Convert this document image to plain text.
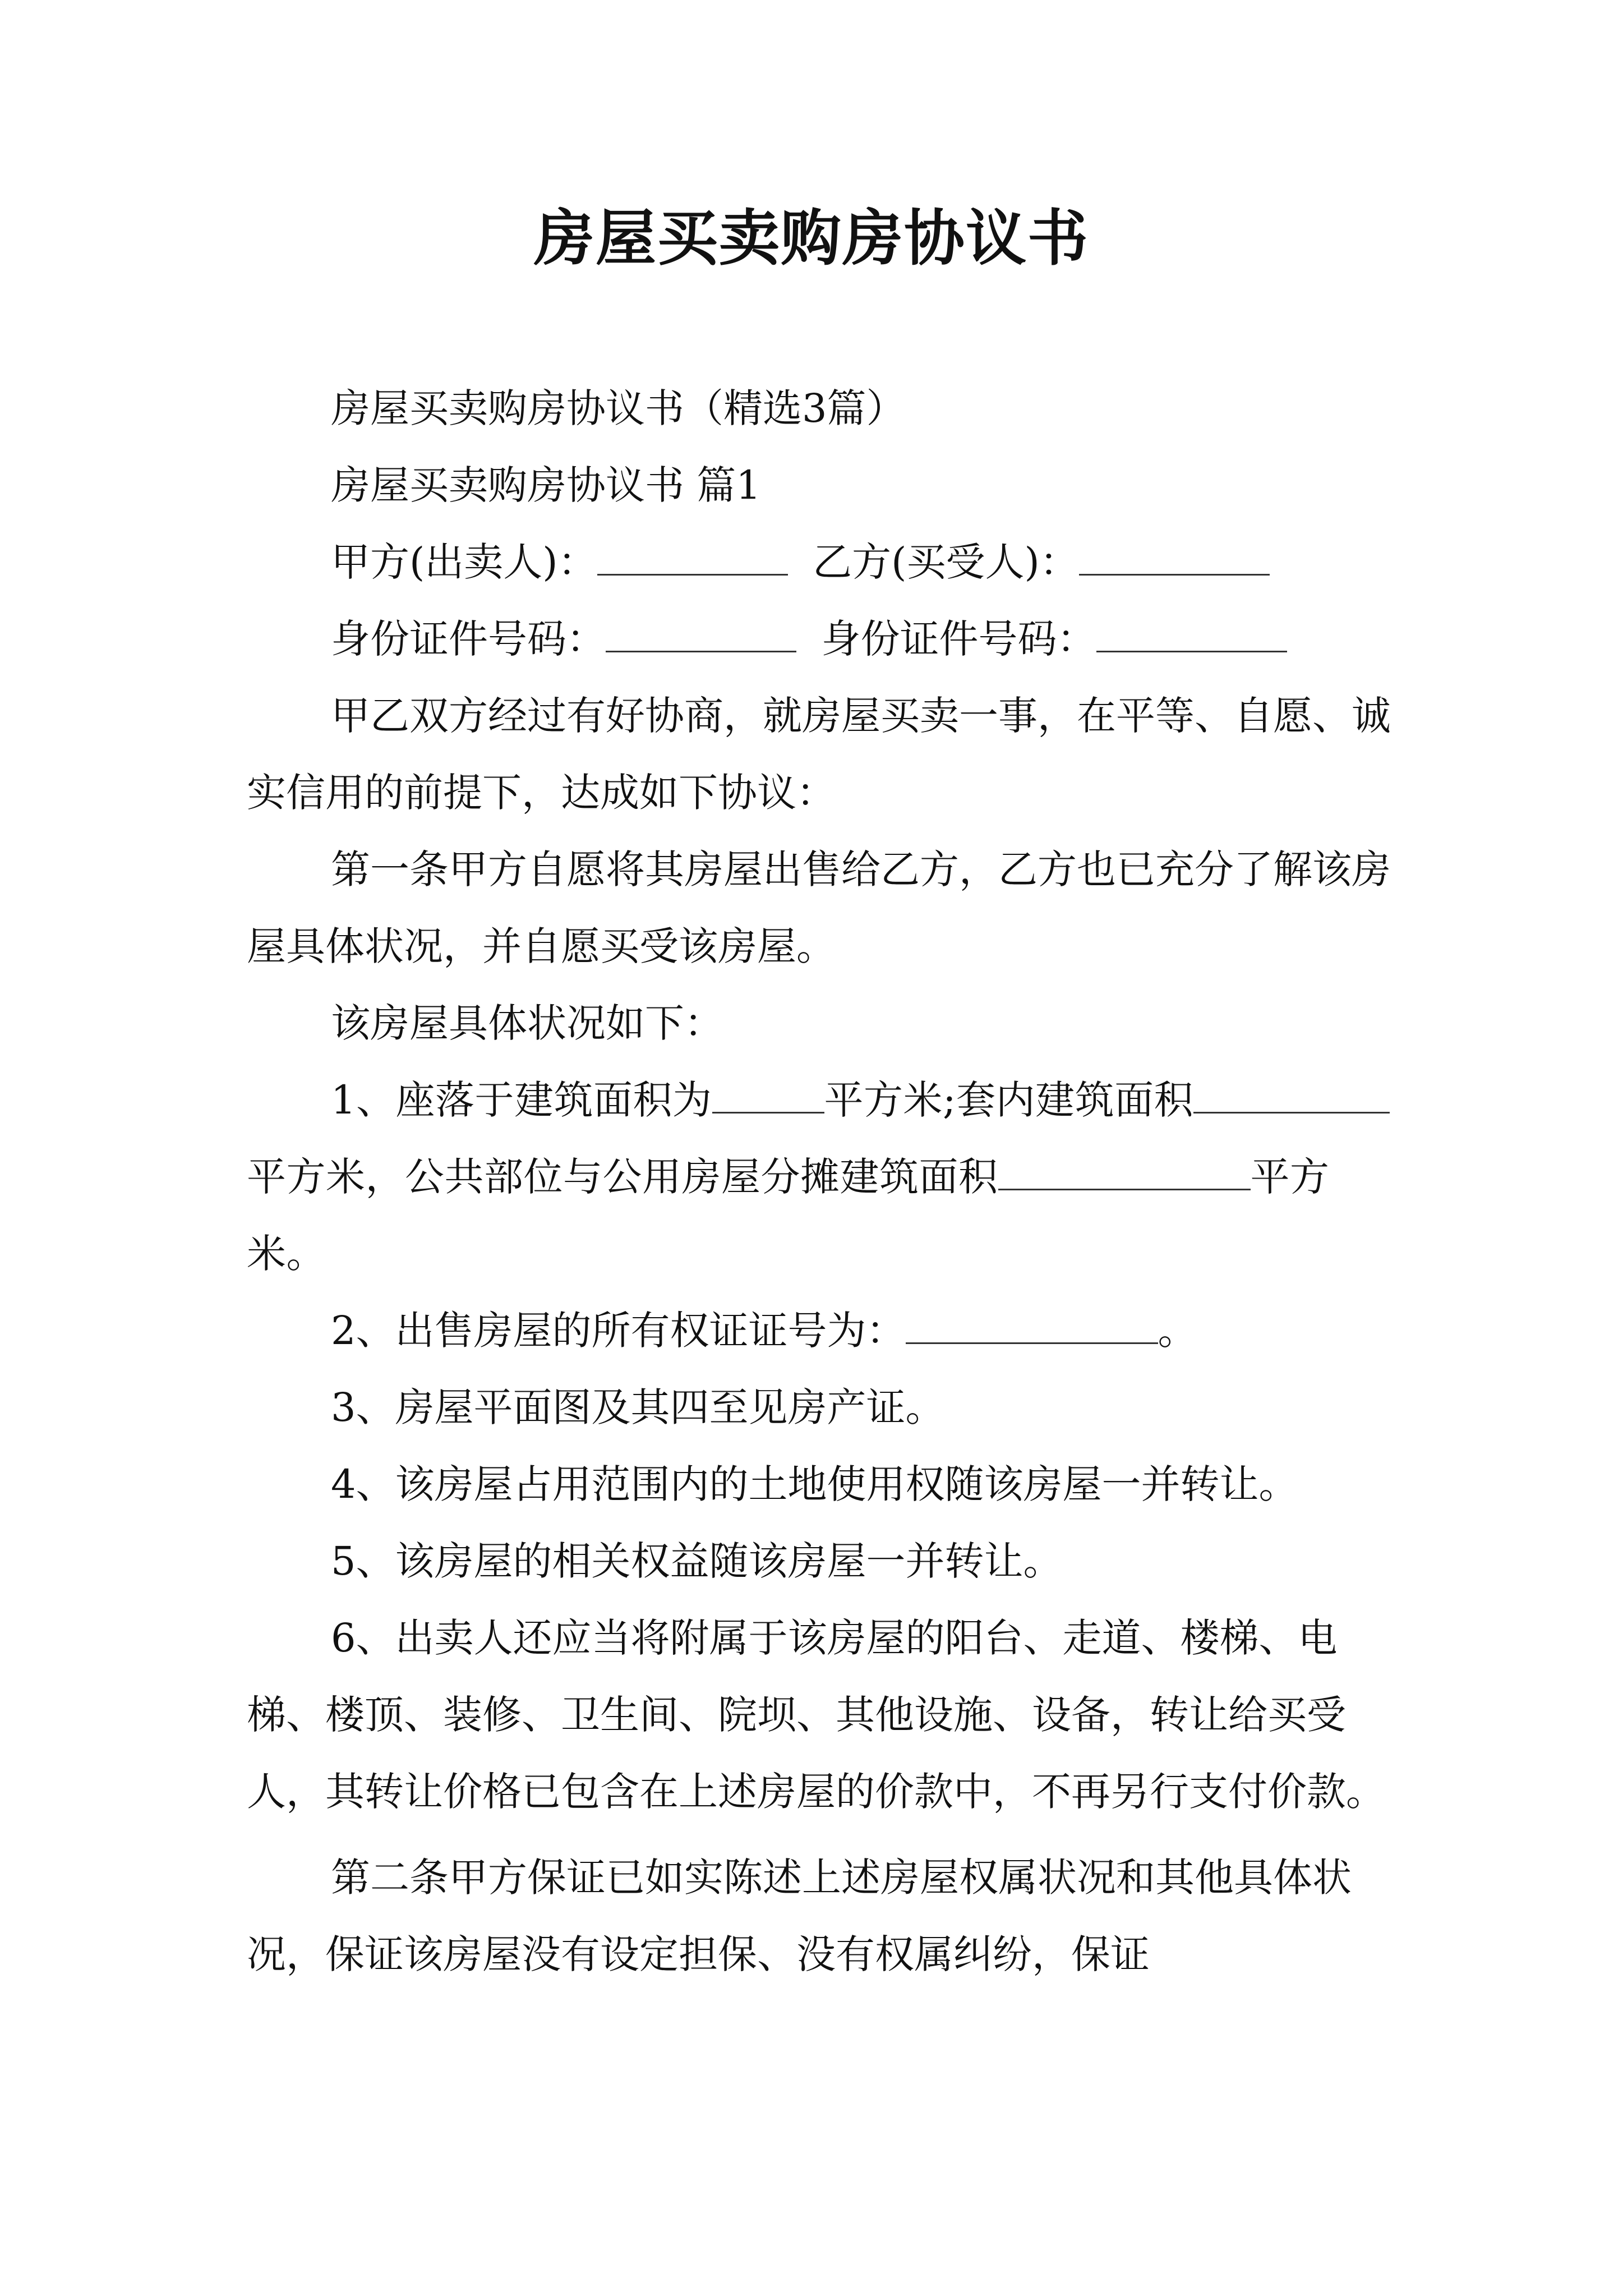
房屋买卖购房协议书

房屋买卖购房协议书（精选3篇）

房屋买卖购房协议书 篇1

甲方(出卖人)：	乙方(买受人)：

身份证件号码：	身份证件号码：

甲乙双方经过有好协商，就房屋买卖一事，在平等、自愿、诚实信用的前提下，达成如下协议：

第一条甲方自愿将其房屋出售给乙方，乙方也已充分了解该房屋具体状况，并自愿买受该房屋。

该房屋具体状况如下：

1、座落于建筑面积为	平方米;套内建筑面积平方米，公共部位与公用房屋分摊建筑面积	平方米。

2、出售房屋的所有权证证号为：	。

3、房屋平面图及其四至见房产证。

4、该房屋占用范围内的土地使用权随该房屋一并转让。

5、该房屋的相关权益随该房屋一并转让。

6、出卖人还应当将附属于该房屋的阳台、走道、楼梯、电梯、楼顶、装修、卫生间、院坝、其他设施、设备，转让给买受人，其转让价格已包含在上述房屋的价款中，不再另行支付价款。

第二条甲方保证已如实陈述上述房屋权属状况和其他具体状况，保证该房屋没有设定担保、没有权属纠纷，保证
